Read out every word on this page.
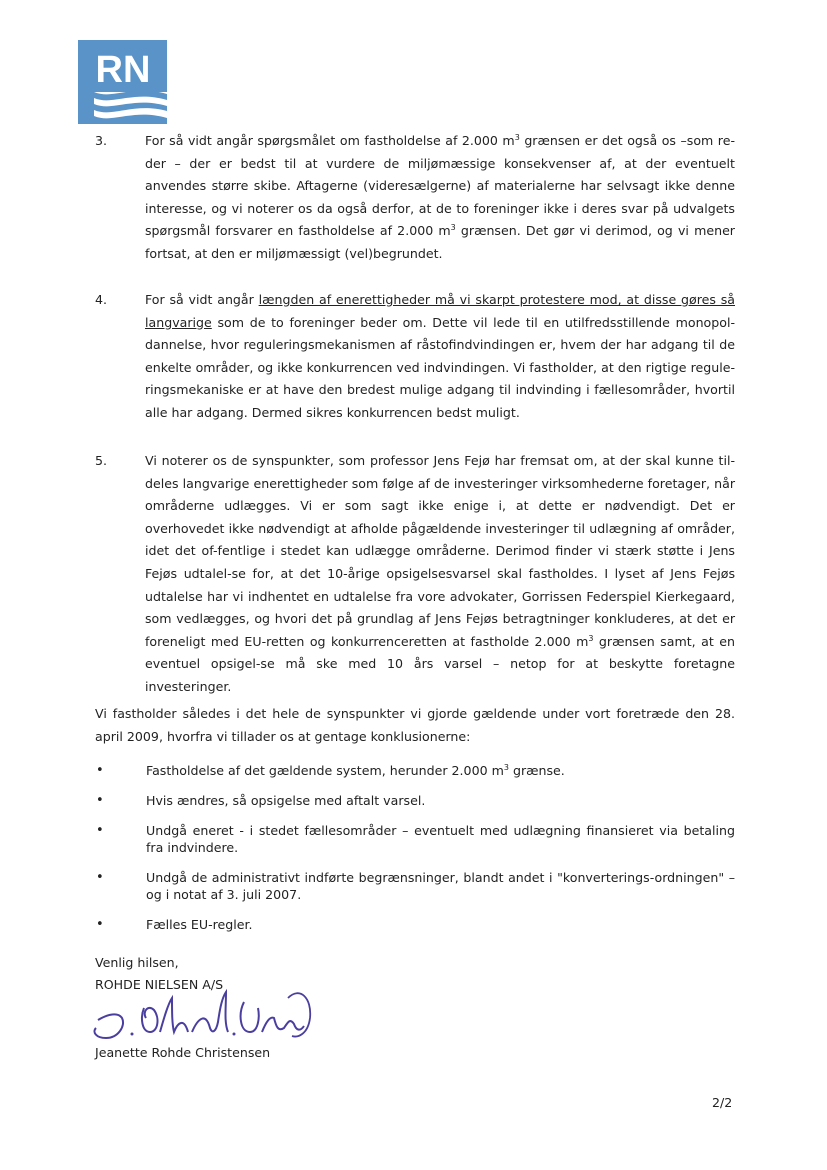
RN
3.	For så vidt angår spørgsmålet om fastholdelse af 2.000 $m^3$ grænsen er det også os –som re-der – der er bedst til at vurdere de miljømæssige konsekvenser af, at der eventuelt anvendes større skibe. Aftagerne (videresælgerne) af materialerne har selvsagt ikke denne interesse, og vi noterer os da også derfor, at de to foreninger ikke i deres svar på udvalgets spørgsmål forsvarer en fastholdelse af 2.000 $m^3$ grænsen. Det gør vi derimod, og vi mener fortsat, at den er miljømæssigt (vel)begrundet.
4.	For så vidt angår længden af enerettigheder må vi skarpt protestere mod, at disse gøres så langvarige som de to foreninger beder om. Dette vil lede til en utilfredsstillende monopol-dannelse, hvor reguleringsmekanismen af råstofindvindingen er, hvem der har adgang til de enkelte områder, og ikke konkurrencen ved indvindingen. Vi fastholder, at den rigtige regule-ringsmekaniske er at have den bredest mulige adgang til indvinding i fællesområder, hvortil alle har adgang. Dermed sikres konkurrencen bedst muligt.
5.	Vi noterer os de synspunkter, som professor Jens Fejø har fremsat om, at der skal kunne til-deles langvarige enerettigheder som følge af de investeringer virksomhederne foretager, når områderne udlægges. Vi er som sagt ikke enige i, at dette er nødvendigt. Det er overhovedet ikke nødvendigt at afholde pågældende investeringer til udlægning af områder, idet det of-fentlige i stedet kan udlægge områderne. Derimod finder vi stærk støtte i Jens Fejøs udtalel-se for, at det 10-årige opsigelsesvarsel skal fastholdes. I lyset af Jens Fejøs udtalelse har vi indhentet en udtalelse fra vore advokater, Gorrissen Federspiel Kierkegaard, som vedlægges, og hvori det på grundlag af Jens Fejøs betragtninger konkluderes, at det er foreneligt med EU-retten og konkurrenceretten at fastholde 2.000 $m^3$ grænsen samt, at en eventuel opsigel-se må ske med 10 års varsel – netop for at beskytte foretagne investeringer.
Vi fastholder således i det hele de synspunkter vi gjorde gældende under vort foretræde den 28. april 2009, hvorfra vi tillader os at gentage konklusionerne:
•	Fastholdelse af det gældende system, herunder 2.000 $m^3$ grænse.
•	Hvis ændres, så opsigelse med aftalt varsel.
•	Undgå eneret - i stedet fællesområder – eventuelt med udlægning finansieret via betaling fra indvindere.
•	Undgå de administrativt indførte begrænsninger, blandt andet i "konverterings-ordningen" – og i notat af 3. juli 2007.
•	Fælles EU-regler.
Venlig hilsen,
ROHDE NIELSEN A/S
Jeanette Rohde Christensen
2/2
